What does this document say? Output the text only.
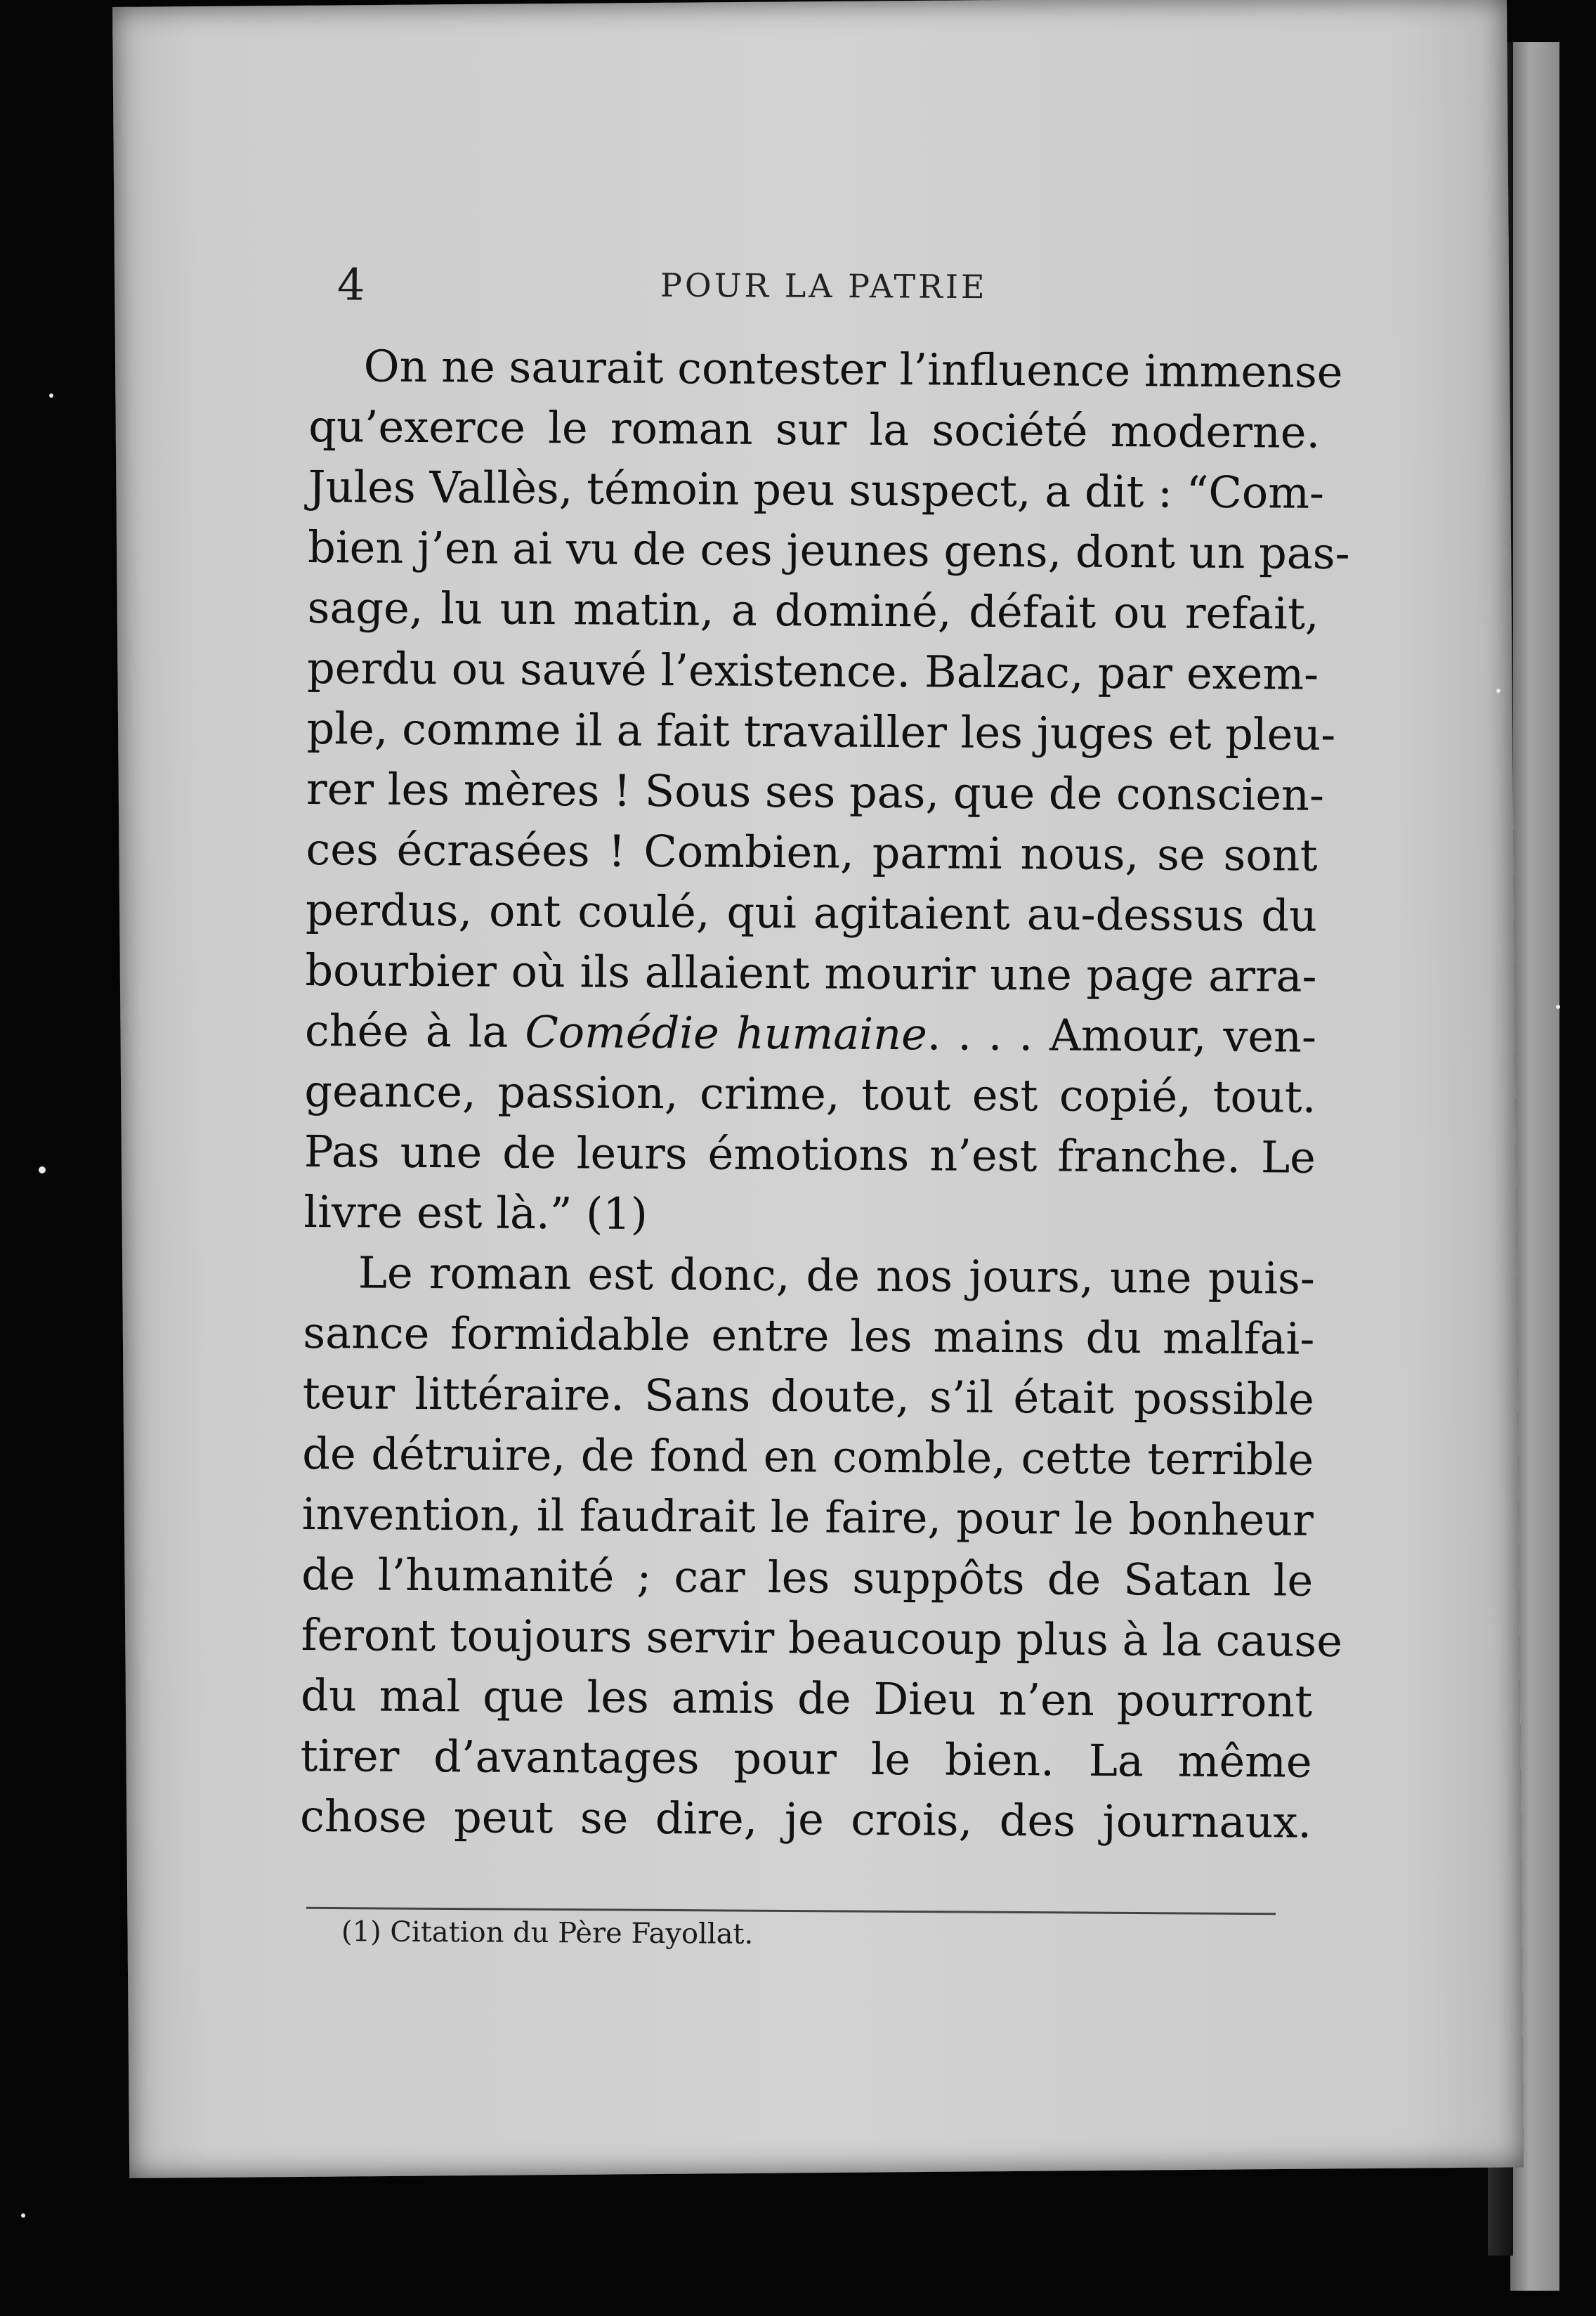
4	POUR LA PATRIE
On ne saurait contester l’influence immense
qu’exerce le roman sur la société moderne.
Jules Vallès, témoin peu suspect, a dit : “Com-
bien j’en ai vu de ces jeunes gens, dont un pas-
sage, lu un matin, a dominé, défait ou refait,
perdu ou sauvé l’existence. Balzac, par exem-
ple, comme il a fait travailler les juges et pleu-
rer les mères ! Sous ses pas, que de conscien-
ces écrasées ! Combien, parmi nous, se sont
perdus, ont coulé, qui agitaient au-dessus du
bourbier où ils allaient mourir une page arra-
chée à la Comédie humaine. . . . Amour, ven-
geance, passion, crime, tout est copié, tout.
Pas une de leurs émotions n’est franche. Le
livre est là.” (1)
Le roman est donc, de nos jours, une puis-
sance formidable entre les mains du malfai-
teur littéraire. Sans doute, s’il était possible
de détruire, de fond en comble, cette terrible
invention, il faudrait le faire, pour le bonheur
de l’humanité ; car les suppôts de Satan le
feront toujours servir beaucoup plus à la cause
du mal que les amis de Dieu n’en pourront
tirer d’avantages pour le bien. La même
chose peut se dire, je crois, des journaux.
(1) Citation du Père Fayollat.
